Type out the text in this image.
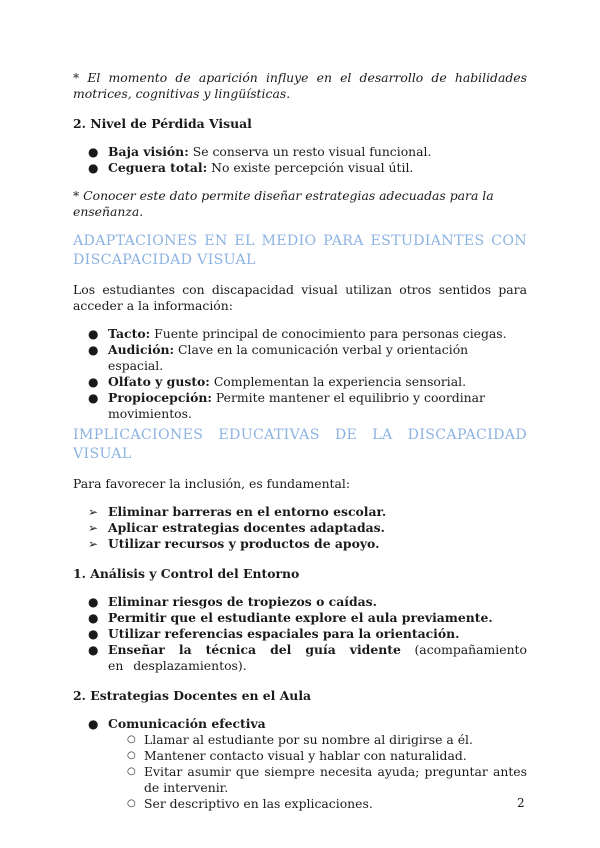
* El momento de aparición influye en el desarrollo de habilidades motrices, cognitivas y lingüísticas.

2. Nivel de Pérdida Visual

● Baja visión: Se conserva un resto visual funcional.
● Ceguera total: No existe percepción visual útil.

* Conocer este dato permite diseñar estrategias adecuadas para la enseñanza.

ADAPTACIONES EN EL MEDIO PARA ESTUDIANTES CON DISCAPACIDAD VISUAL

Los estudiantes con discapacidad visual utilizan otros sentidos para acceder a la información:

● Tacto: Fuente principal de conocimiento para personas ciegas.
● Audición: Clave en la comunicación verbal y orientación espacial.
● Olfato y gusto: Complementan la experiencia sensorial.
● Propiocepción: Permite mantener el equilibrio y coordinar movimientos.

IMPLICACIONES EDUCATIVAS DE LA DISCAPACIDAD VISUAL

Para favorecer la inclusión, es fundamental:

➢ Eliminar barreras en el entorno escolar.
➢ Aplicar estrategias docentes adaptadas.
➢ Utilizar recursos y productos de apoyo.

1. Análisis y Control del Entorno

● Eliminar riesgos de tropiezos o caídas.
● Permitir que el estudiante explore el aula previamente.
● Utilizar referencias espaciales para la orientación.
● Enseñar la técnica del guía vidente (acompañamiento en desplazamientos).

2. Estrategias Docentes en el Aula

● Comunicación efectiva
○ Llamar al estudiante por su nombre al dirigirse a él.
○ Mantener contacto visual y hablar con naturalidad.
○ Evitar asumir que siempre necesita ayuda; preguntar antes de intervenir.
○ Ser descriptivo en las explicaciones.	2
